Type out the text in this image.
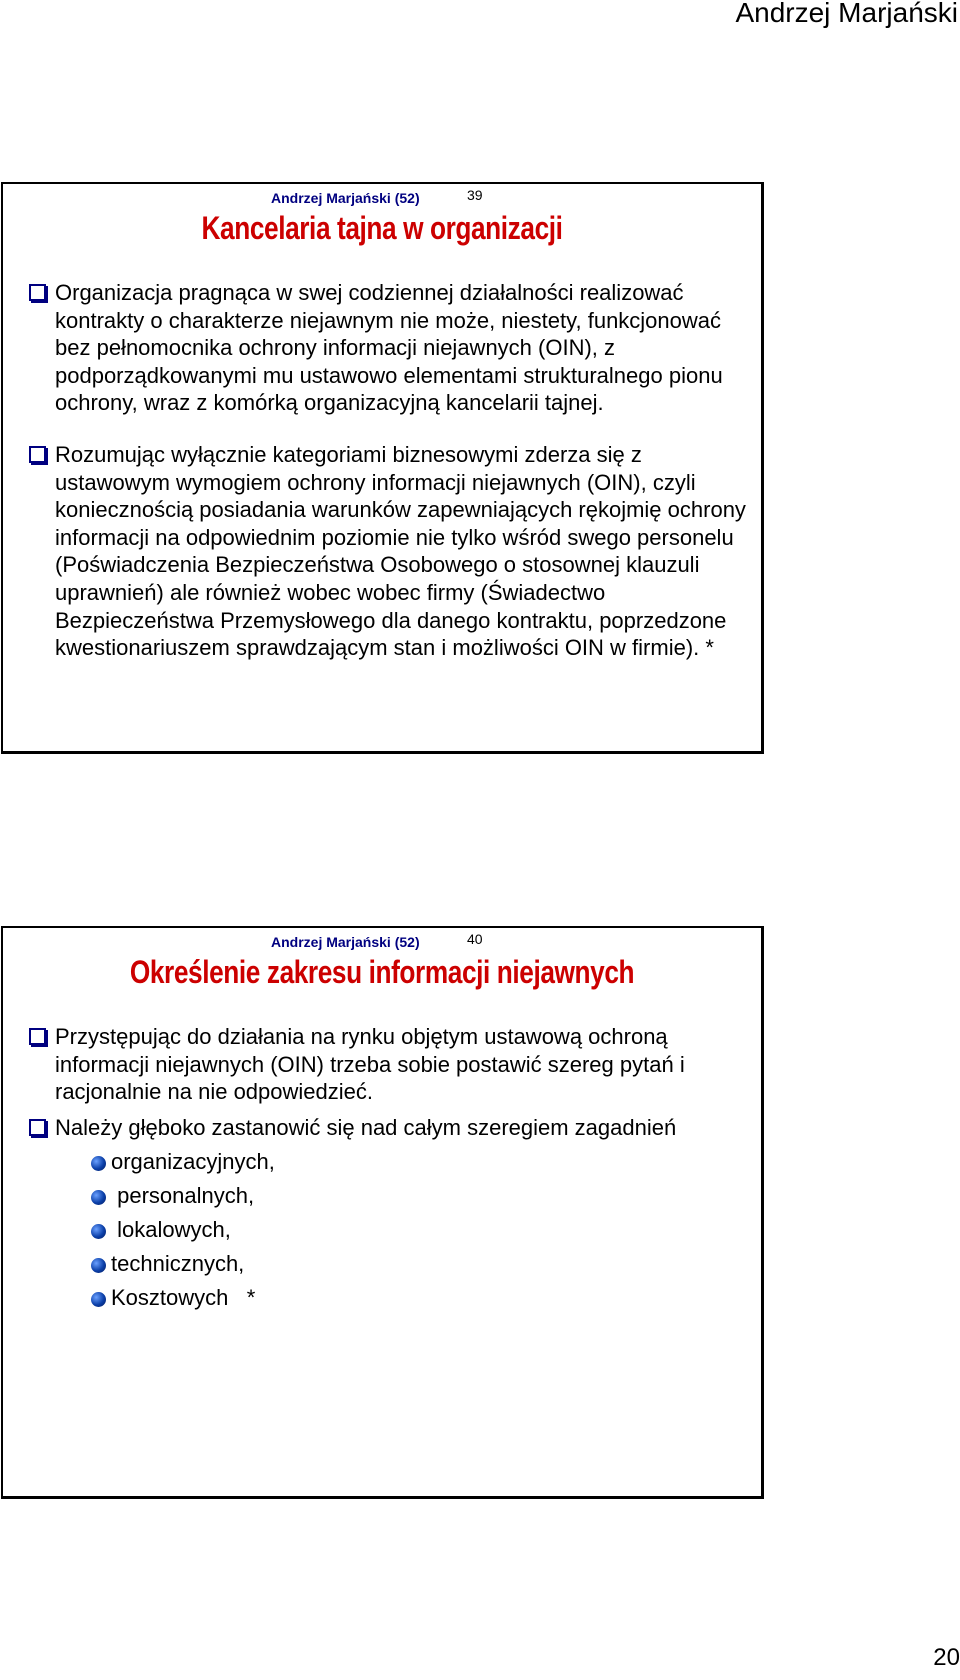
Andrzej Marjański
Andrzej Marjański (52)	39
Kancelaria tajna w organizacji
Organizacja pragnąca w swej codziennej działalności realizować kontrakty o charakterze niejawnym nie może, niestety, funkcjonować bez pełnomocnika ochrony informacji niejawnych (OIN), z podporządkowanymi mu ustawowo elementami strukturalnego pionu ochrony, wraz z komórką organizacyjną kancelarii tajnej.
Rozumując wyłącznie kategoriami biznesowymi zderza się z ustawowym wymogiem ochrony informacji niejawnych (OIN), czyli koniecznością posiadania warunków zapewniających rękojmię ochrony informacji na odpowiednim poziomie nie tylko wśród swego personelu (Poświadczenia Bezpieczeństwa Osobowego o stosownej klauzuli uprawnień) ale również wobec wobec firmy (Świadectwo Bezpieczeństwa Przemysłowego dla danego kontraktu, poprzedzone kwestionariuszem sprawdzającym stan i możliwości OIN w firmie). *
Andrzej Marjański (52)	40
Określenie zakresu informacji niejawnych
Przystępując do działania na rynku objętym ustawową ochroną informacji niejawnych (OIN) trzeba sobie postawić szereg pytań i racjonalnie na nie odpowiedzieć.
Należy głęboko zastanowić się nad całym szeregiem zagadnień
organizacyjnych,
personalnych,
lokalowych,
technicznych,
Kosztowych   *
20
